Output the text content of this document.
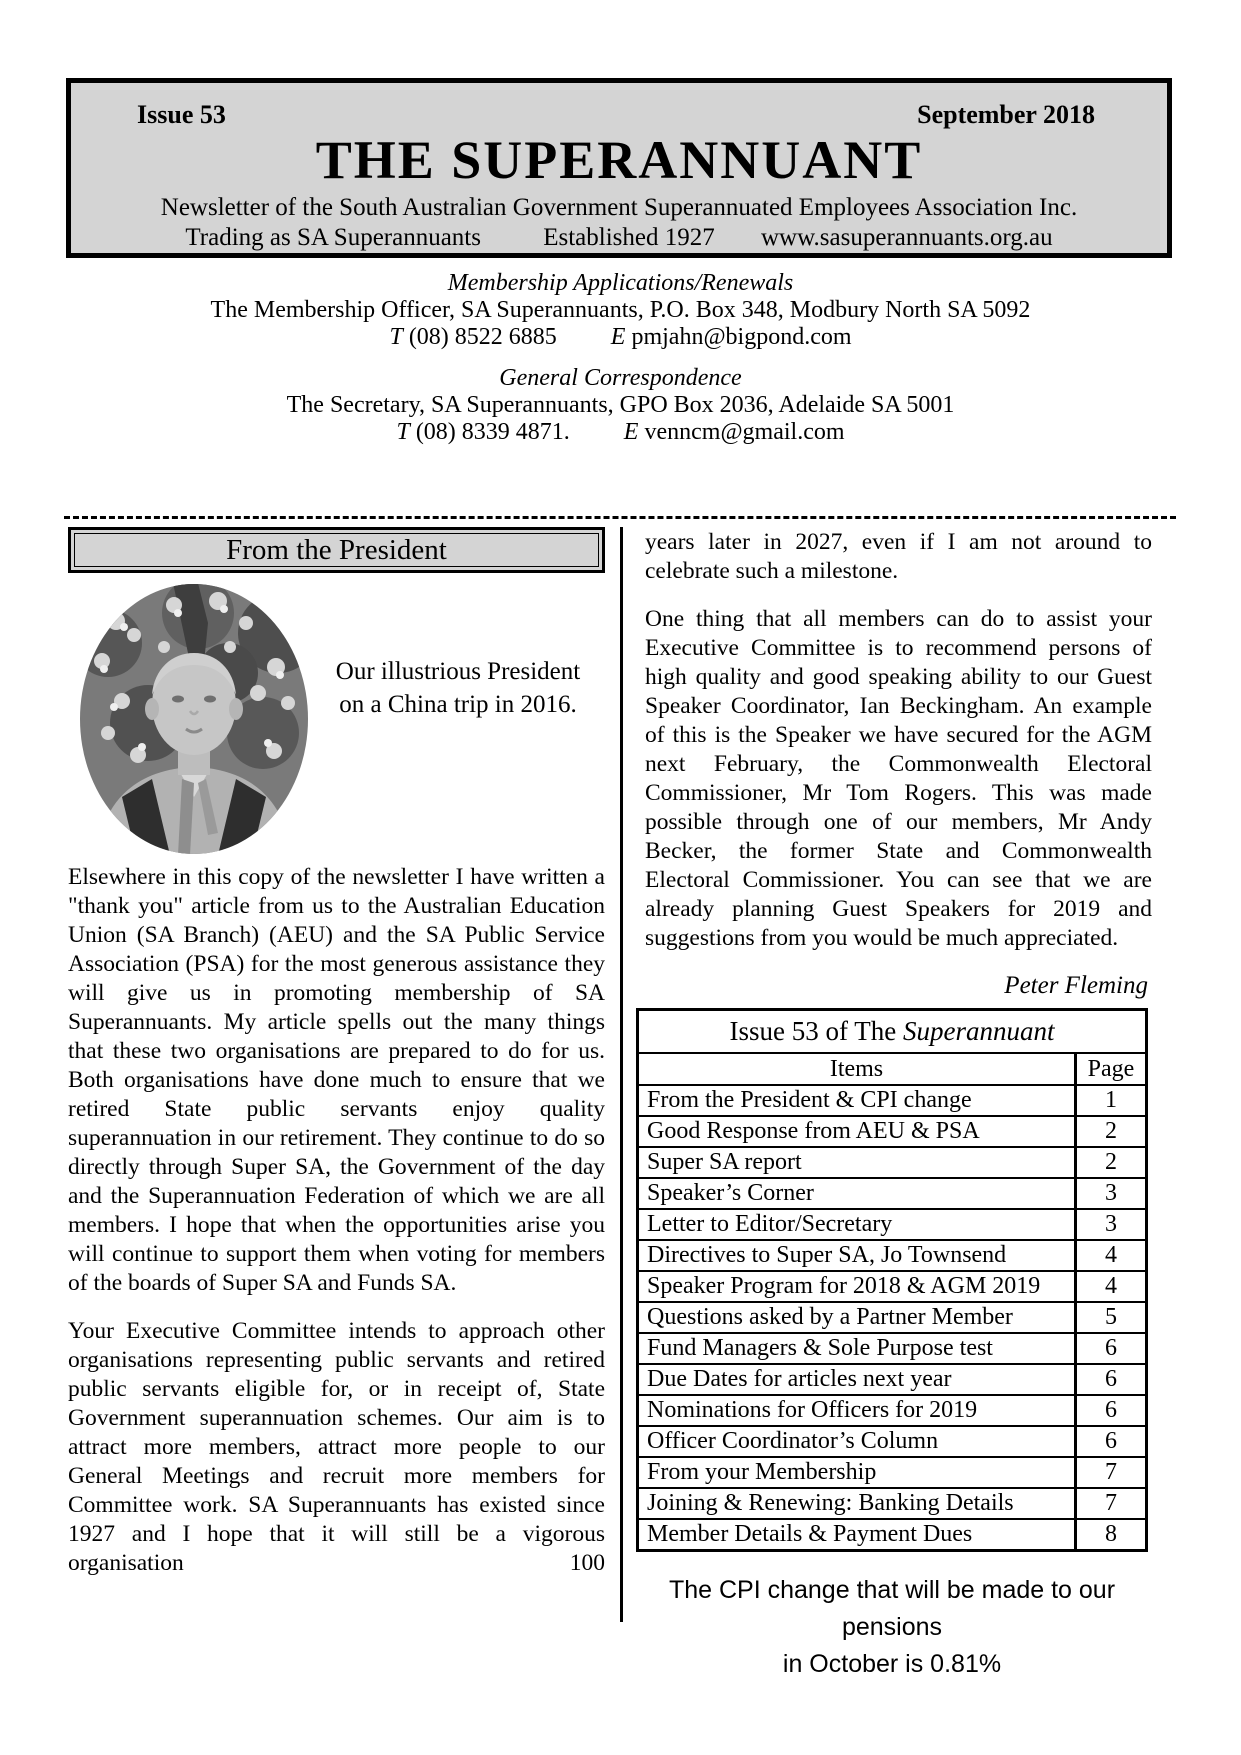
Issue 53	September 2018
THE SUPERANNUANT
Newsletter of the South Australian Government Superannuated Employees Association Inc.
Trading as SA Superannuants Established 1927 www.sasuperannuants.org.au
Membership Applications/Renewals
The Membership Officer, SA Superannuants, P.O. Box 348, Modbury North SA 5092
T (08) 8522 6885 E pmjahn@bigpond.com
General Correspondence
The Secretary, SA Superannuants, GPO Box 2036, Adelaide SA 5001
T (08) 8339 4871. E venncm@gmail.com
From the President
Our illustrious President
on a China trip in 2016.

Elsewhere in this copy of the newsletter I have written a "thank you" article from us to the Australian Education Union (SA Branch) (AEU) and the SA Public Service Association (PSA) for the most generous assistance they will give us in promoting membership of SA Superannuants. My article spells out the many things that these two organisations are prepared to do for us. Both organisations have done much to ensure that we retired State public servants enjoy quality superannuation in our retirement. They continue to do so directly through Super SA, the Government of the day and the Superannuation Federation of which we are all members. I hope that when the opportunities arise you will continue to support them when voting for members of the boards of Super SA and Funds SA.

Your Executive Committee intends to approach other organisations representing public servants and retired public servants eligible for, or in receipt of, State Government superannuation schemes. Our aim is to attract more members, attract more people to our General Meetings and recruit more members for Committee work. SA Superannuants has existed since 1927 and I hope that it will still be a vigorous organisation 100

years later in 2027, even if I am not around to celebrate such a milestone.

One thing that all members can do to assist your Executive Committee is to recommend persons of high quality and good speaking ability to our Guest Speaker Coordinator, Ian Beckingham. An example of this is the Speaker we have secured for the AGM next February, the Commonwealth Electoral Commissioner, Mr Tom Rogers. This was made possible through one of our members, Mr Andy Becker, the former State and Commonwealth Electoral Commissioner. You can see that we are already planning Guest Speakers for 2019 and suggestions from you would be much appreciated.

Peter Fleming
Issue 53 of The Superannuant	
Items	Page
From the President & CPI change	1
Good Response from AEU & PSA	2
Super SA report	2
Speaker’s Corner	3
Letter to Editor/Secretary	3
Directives to Super SA, Jo Townsend	4
Speaker Program for 2018 & AGM 2019	4
Questions asked by a Partner Member	5
Fund Managers & Sole Purpose test	6
Due Dates for articles next year	6
Nominations for Officers for 2019	6
Officer Coordinator’s Column	6
From your Membership	7
Joining & Renewing: Banking Details	7
Member Details & Payment Dues	8
The CPI change that will be made to our pensions
in October is 0.81%
